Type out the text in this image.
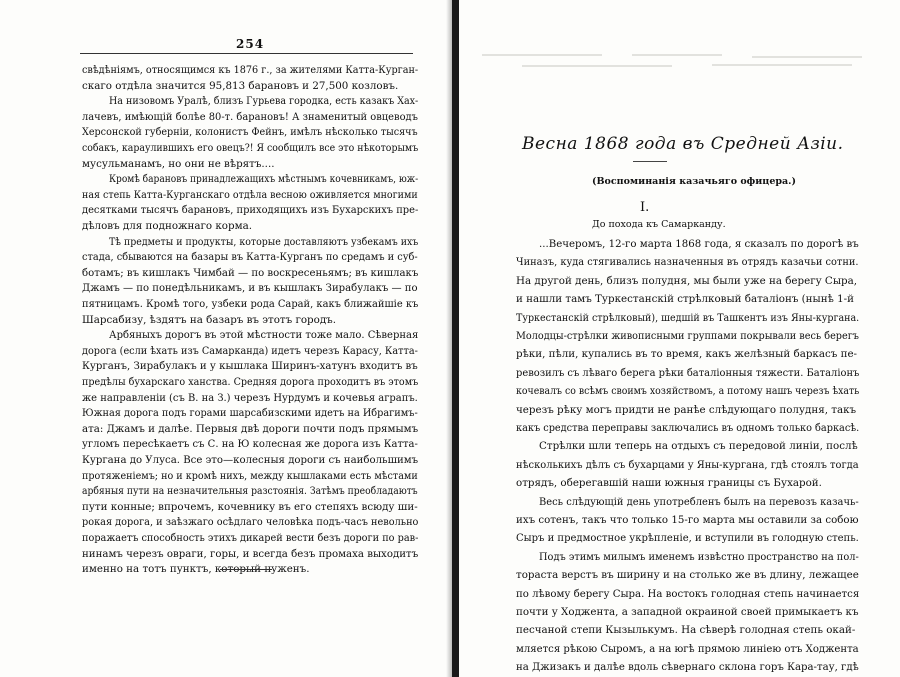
254
свѣдѣніямъ, относящимся къ 1876 г., за жителями Катта-Курган-
скаго отдѣла значится 95,813 барановъ и 27,500 козловъ.
На низовомъ Уралѣ, близъ Гурьева городка, есть казакъ Хах-
лачевъ, имѣющій болѣе 80-т. барановъ! А знаменитый овцеводъ
Херсонской губерніи, колонистъ Фейнъ, имѣлъ нѣсколько тысячъ
собакъ, караулившихъ его овецъ?! Я сообщилъ все это нѣкоторымъ
мусульманамъ, но они не вѣрятъ....
Кромѣ барановъ принадлежащихъ мѣстнымъ кочевникамъ, юж-
ная степь Катта-Курганскаго отдѣла весною оживляется многими
десятками тысячъ барановъ, приходящихъ изъ Бухарскихъ пре-
дѣловъ для подножнаго корма.
Тѣ предметы и продукты, которые доставляютъ узбекамъ ихъ
стада, сбываются на базары въ Катта-Курганъ по средамъ и суб-
ботамъ; въ кишлакъ Чимбай — по воскресеньямъ; въ кишлакъ
Джамъ — по понедѣльникамъ, и въ кышлакъ Зирабулакъ — по
пятницамъ. Кромѣ того, узбеки рода Сарай, какъ ближайшіе къ
Шарсабизу, ѣздятъ на базаръ въ этотъ городъ.
Арбяныхъ дорогъ въ этой мѣстности тоже мало. Сѣверная
дорога (если ѣхать изъ Самарканда) идетъ черезъ Карасу, Катта-
Курганъ, Зирабулакъ и у кышлака Ширинъ-хатунъ входитъ въ
предѣлы бухарскаго ханства. Средняя дорога проходитъ въ этомъ
же направленіи (съ В. на З.) черезъ Нурдумъ и кочевья аграпъ.
Южная дорога подъ горами шарсабизскими идетъ на Ибрагимъ-
ата: Джамъ и далѣе. Первыя двѣ дороги почти подъ прямымъ
угломъ пересѣкаетъ съ С. на Ю колесная же дорога изъ Катта-
Кургана до Улуса. Все это—колесныя дороги съ наибольшимъ
протяженіемъ; но и кромѣ нихъ, между кышлаками есть мѣстами
арбяныя пути на незначительныя разстоянія. Затѣмъ преобладаютъ
пути конные; впрочемъ, кочевнику въ его степяхъ всюду ши-
рокая дорога, и заѣзжаго осѣдлаго человѣка подъ-часъ невольно
поражаетъ способность этихъ дикарей вести безъ дороги по рав-
нинамъ черезъ овраги, горы, и всегда безъ промаха выходитъ
именно на тотъ пунктъ, который нуженъ.
Весна 1868 года въ Средней Азіи.
(Воспоминанія казачьяго офицера.)
I.
До похода къ Самарканду.
...Вечеромъ, 12-го марта 1868 года, я сказалъ по дорогѣ въ
Чиназъ, куда стягивались назначенныя въ отрядъ казачьи сотни.
На другой день, близъ полудня, мы были уже на берегу Сыра,
и нашли тамъ Туркестанскій стрѣлковый баталіонъ (нынѣ 1-й
Туркестанскій стрѣлковый), шедшій въ Ташкентъ изъ Яны-кургана.
Молодцы-стрѣлки живописными группами покрывали весь берегъ
рѣки, пѣли, купались въ то время, какъ желѣзный баркасъ пе-
ревозилъ съ лѣваго берега рѣки баталіонныя тяжести. Баталіонъ
кочевалъ со всѣмъ своимъ хозяйствомъ, а потому нашъ черезъ ѣхать
черезъ рѣку могъ придти не ранѣе слѣдующаго полудня, такъ
какъ средства переправы заключались въ одномъ только баркасѣ.
Стрѣлки шли теперь на отдыхъ съ передовой линіи, послѣ
нѣсколькихъ дѣлъ съ бухарцами у Яны-кургана, гдѣ стоялъ тогда
отрядъ, оберегавшій наши южныя границы съ Бухарой.
Весь слѣдующій день употребленъ былъ на перевозъ казачь-
ихъ сотенъ, такъ что только 15-го марта мы оставили за собою
Сыръ и предмостное укрѣпленіе, и вступили въ голодную степь.
Подъ этимъ милымъ именемъ извѣстно пространство на пол-
тораста верстъ въ ширину и на столько же въ длину, лежащее
по лѣвому берегу Сыра. На востокъ голодная степь начинается
почти у Ходжента, а западной окраиной своей примыкаетъ къ
песчаной степи Кызылькумъ. На сѣверѣ голодная степь окай-
мляется рѣкою Сыромъ, а на югѣ прямою линіею отъ Ходжента
на Джизакъ и далѣе вдоль сѣвернаго склона горъ Кара-тау, гдѣ
